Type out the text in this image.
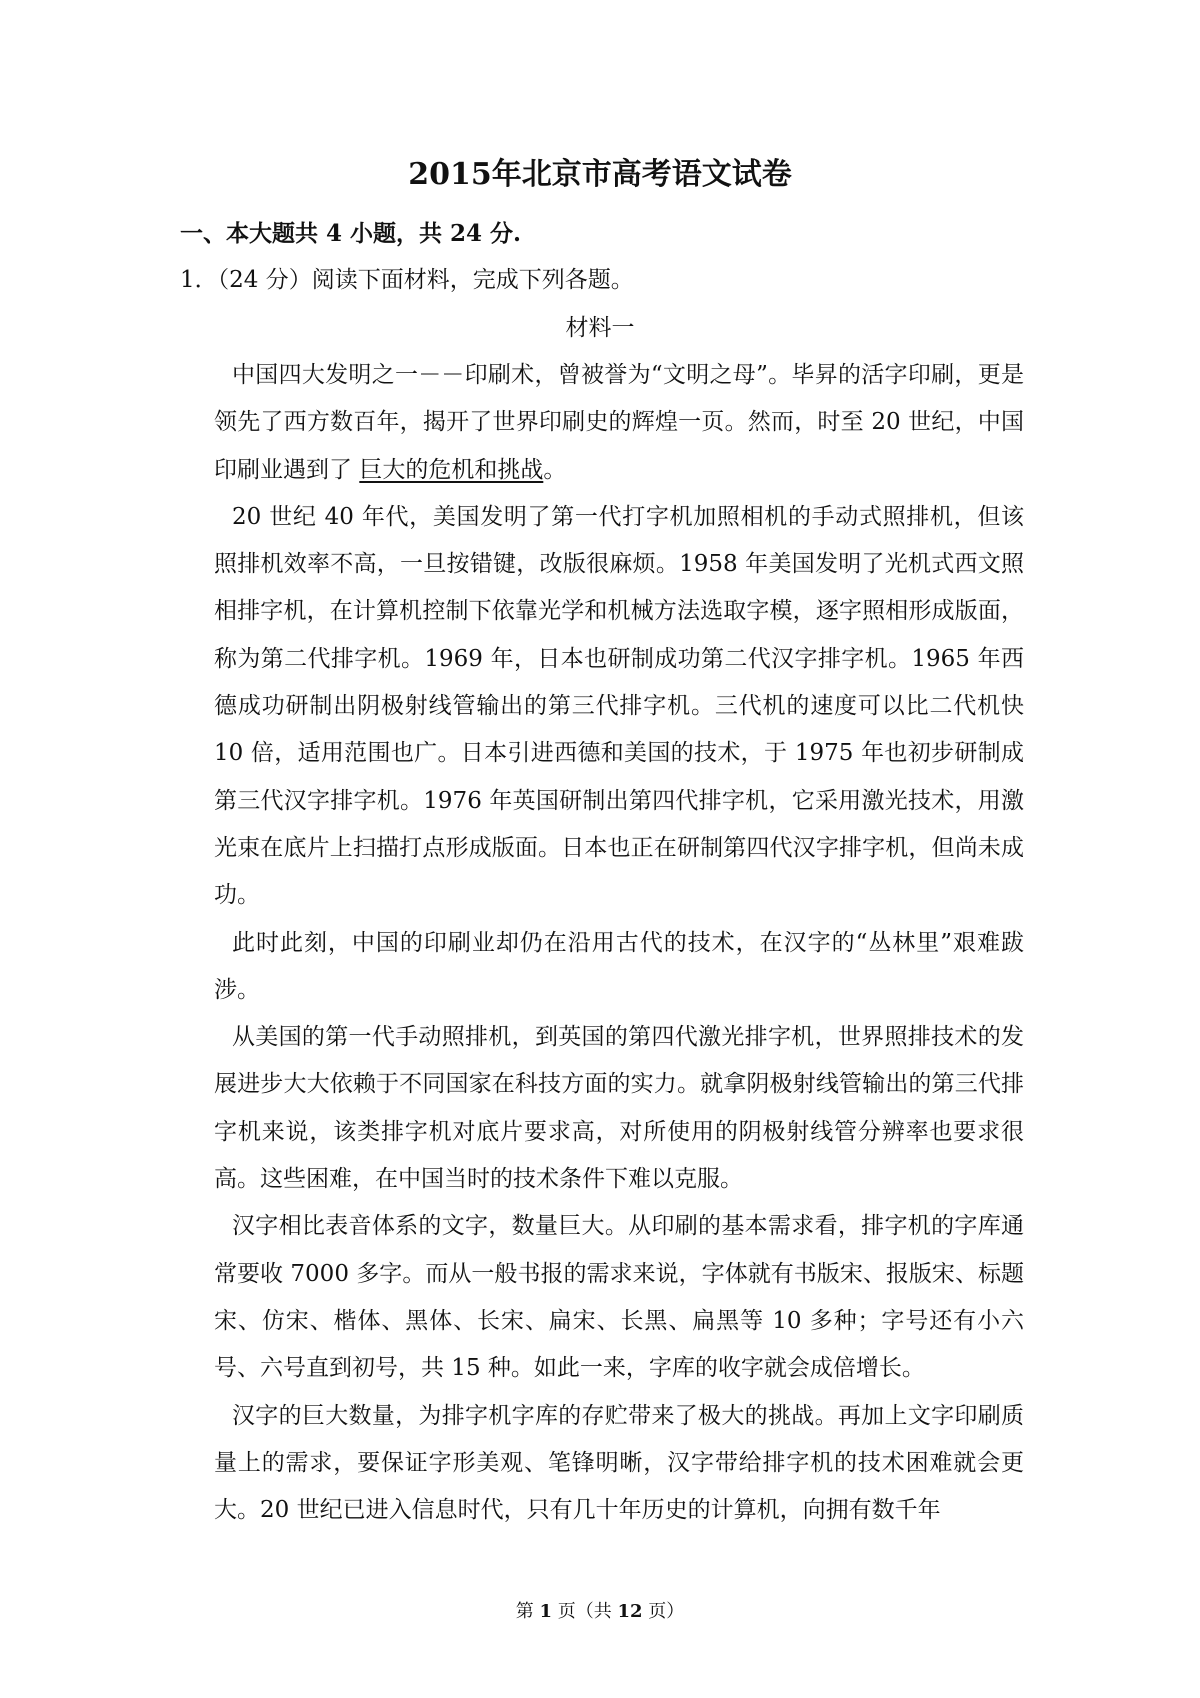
2015年北京市高考语文试卷
一、本大题共 4 小题，共 24 分.
1．（24 分）阅读下面材料，完成下列各题。
材料一

中国四大发明之一－－印刷术，曾被誉为“文明之母”。毕昇的活字印刷，更是领先了西方数百年，揭开了世界印刷史的辉煌一页。然而，时至 20 世纪，中国印刷业遇到了 巨大的危机和挑战。

20 世纪 40 年代，美国发明了第一代打字机加照相机的手动式照排机，但该照排机效率不高，一旦按错键，改版很麻烦。1958 年美国发明了光机式西文照相排字机，在计算机控制下依靠光学和机械方法选取字模，逐字照相形成版面，称为第二代排字机。1969 年，日本也研制成功第二代汉字排字机。1965 年西德成功研制出阴极射线管输出的第三代排字机。三代机的速度可以比二代机快 10 倍，适用范围也广。日本引进西德和美国的技术，于 1975 年也初步研制成第三代汉字排字机。1976 年英国研制出第四代排字机，它采用激光技术，用激光束在底片上扫描打点形成版面。日本也正在研制第四代汉字排字机，但尚未成功。

此时此刻，中国的印刷业却仍在沿用古代的技术，在汉字的“丛林里”艰难跋涉。

从美国的第一代手动照排机，到英国的第四代激光排字机，世界照排技术的发展进步大大依赖于不同国家在科技方面的实力。就拿阴极射线管输出的第三代排字机来说，该类排字机对底片要求高，对所使用的阴极射线管分辨率也要求很高。这些困难，在中国当时的技术条件下难以克服。

汉字相比表音体系的文字，数量巨大。从印刷的基本需求看，排字机的字库通常要收 7000 多字。而从一般书报的需求来说，字体就有书版宋、报版宋、标题宋、仿宋、楷体、黑体、长宋、扁宋、长黑、扁黑等 10 多种；字号还有小六号、六号直到初号，共 15 种。如此一来，字库的收字就会成倍增长。

汉字的巨大数量，为排字机字库的存贮带来了极大的挑战。再加上文字印刷质量上的需求，要保证字形美观、笔锋明晰，汉字带给排字机的技术困难就会更大。20 世纪已进入信息时代，只有几十年历史的计算机，向拥有数千年

第 1 页（共 12 页）
